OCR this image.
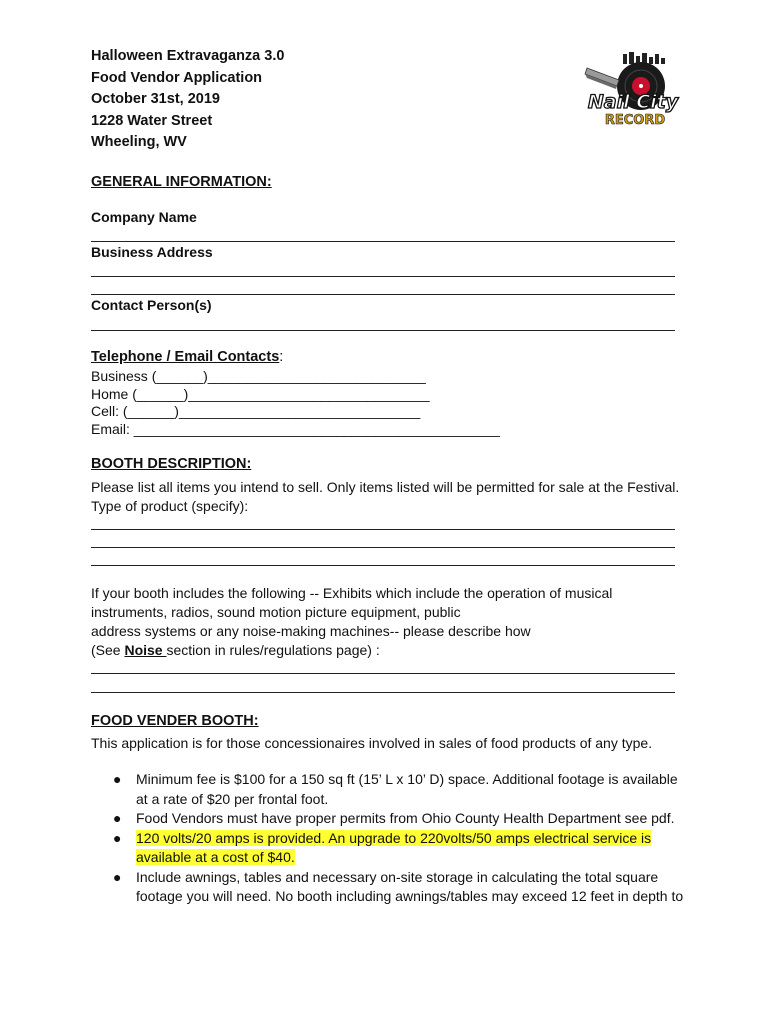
Halloween Extravaganza 3.0
Food Vendor Application
October 31st, 2019
1228 Water Street
Wheeling, WV
Nail City
RECORD
GENERAL INFORMATION:
Company Name
Business Address
Contact Person(s)
Telephone / Email Contacts:
Business (______)____________________________
Home (______)_______________________________
Cell: (______)_______________________________
Email: _______________________________________________
BOOTH DESCRIPTION:
Please list all items you intend to sell. Only items listed will be permitted for sale at the Festival.
Type of product (specify):
If your booth includes the following -- Exhibits which include the operation of musical
instruments, radios, sound motion picture equipment, public
address systems or any noise-making machines-- please describe how
(See Noise section in rules/regulations page) :
FOOD VENDER BOOTH:
This application is for those concessionaires involved in sales of food products of any type.
● Minimum fee is $100 for a 150 sq ft (15’ L x 10’ D) space. Additional footage is available
at a rate of $20 per frontal foot.
● Food Vendors must have proper permits from Ohio County Health Department see pdf.
● 120 volts/20 amps is provided. An upgrade to 220volts/50 amps electrical service is
available at a cost of $40.
● Include awnings, tables and necessary on-site storage in calculating the total square
footage you will need. No booth including awnings/tables may exceed 12 feet in depth to
